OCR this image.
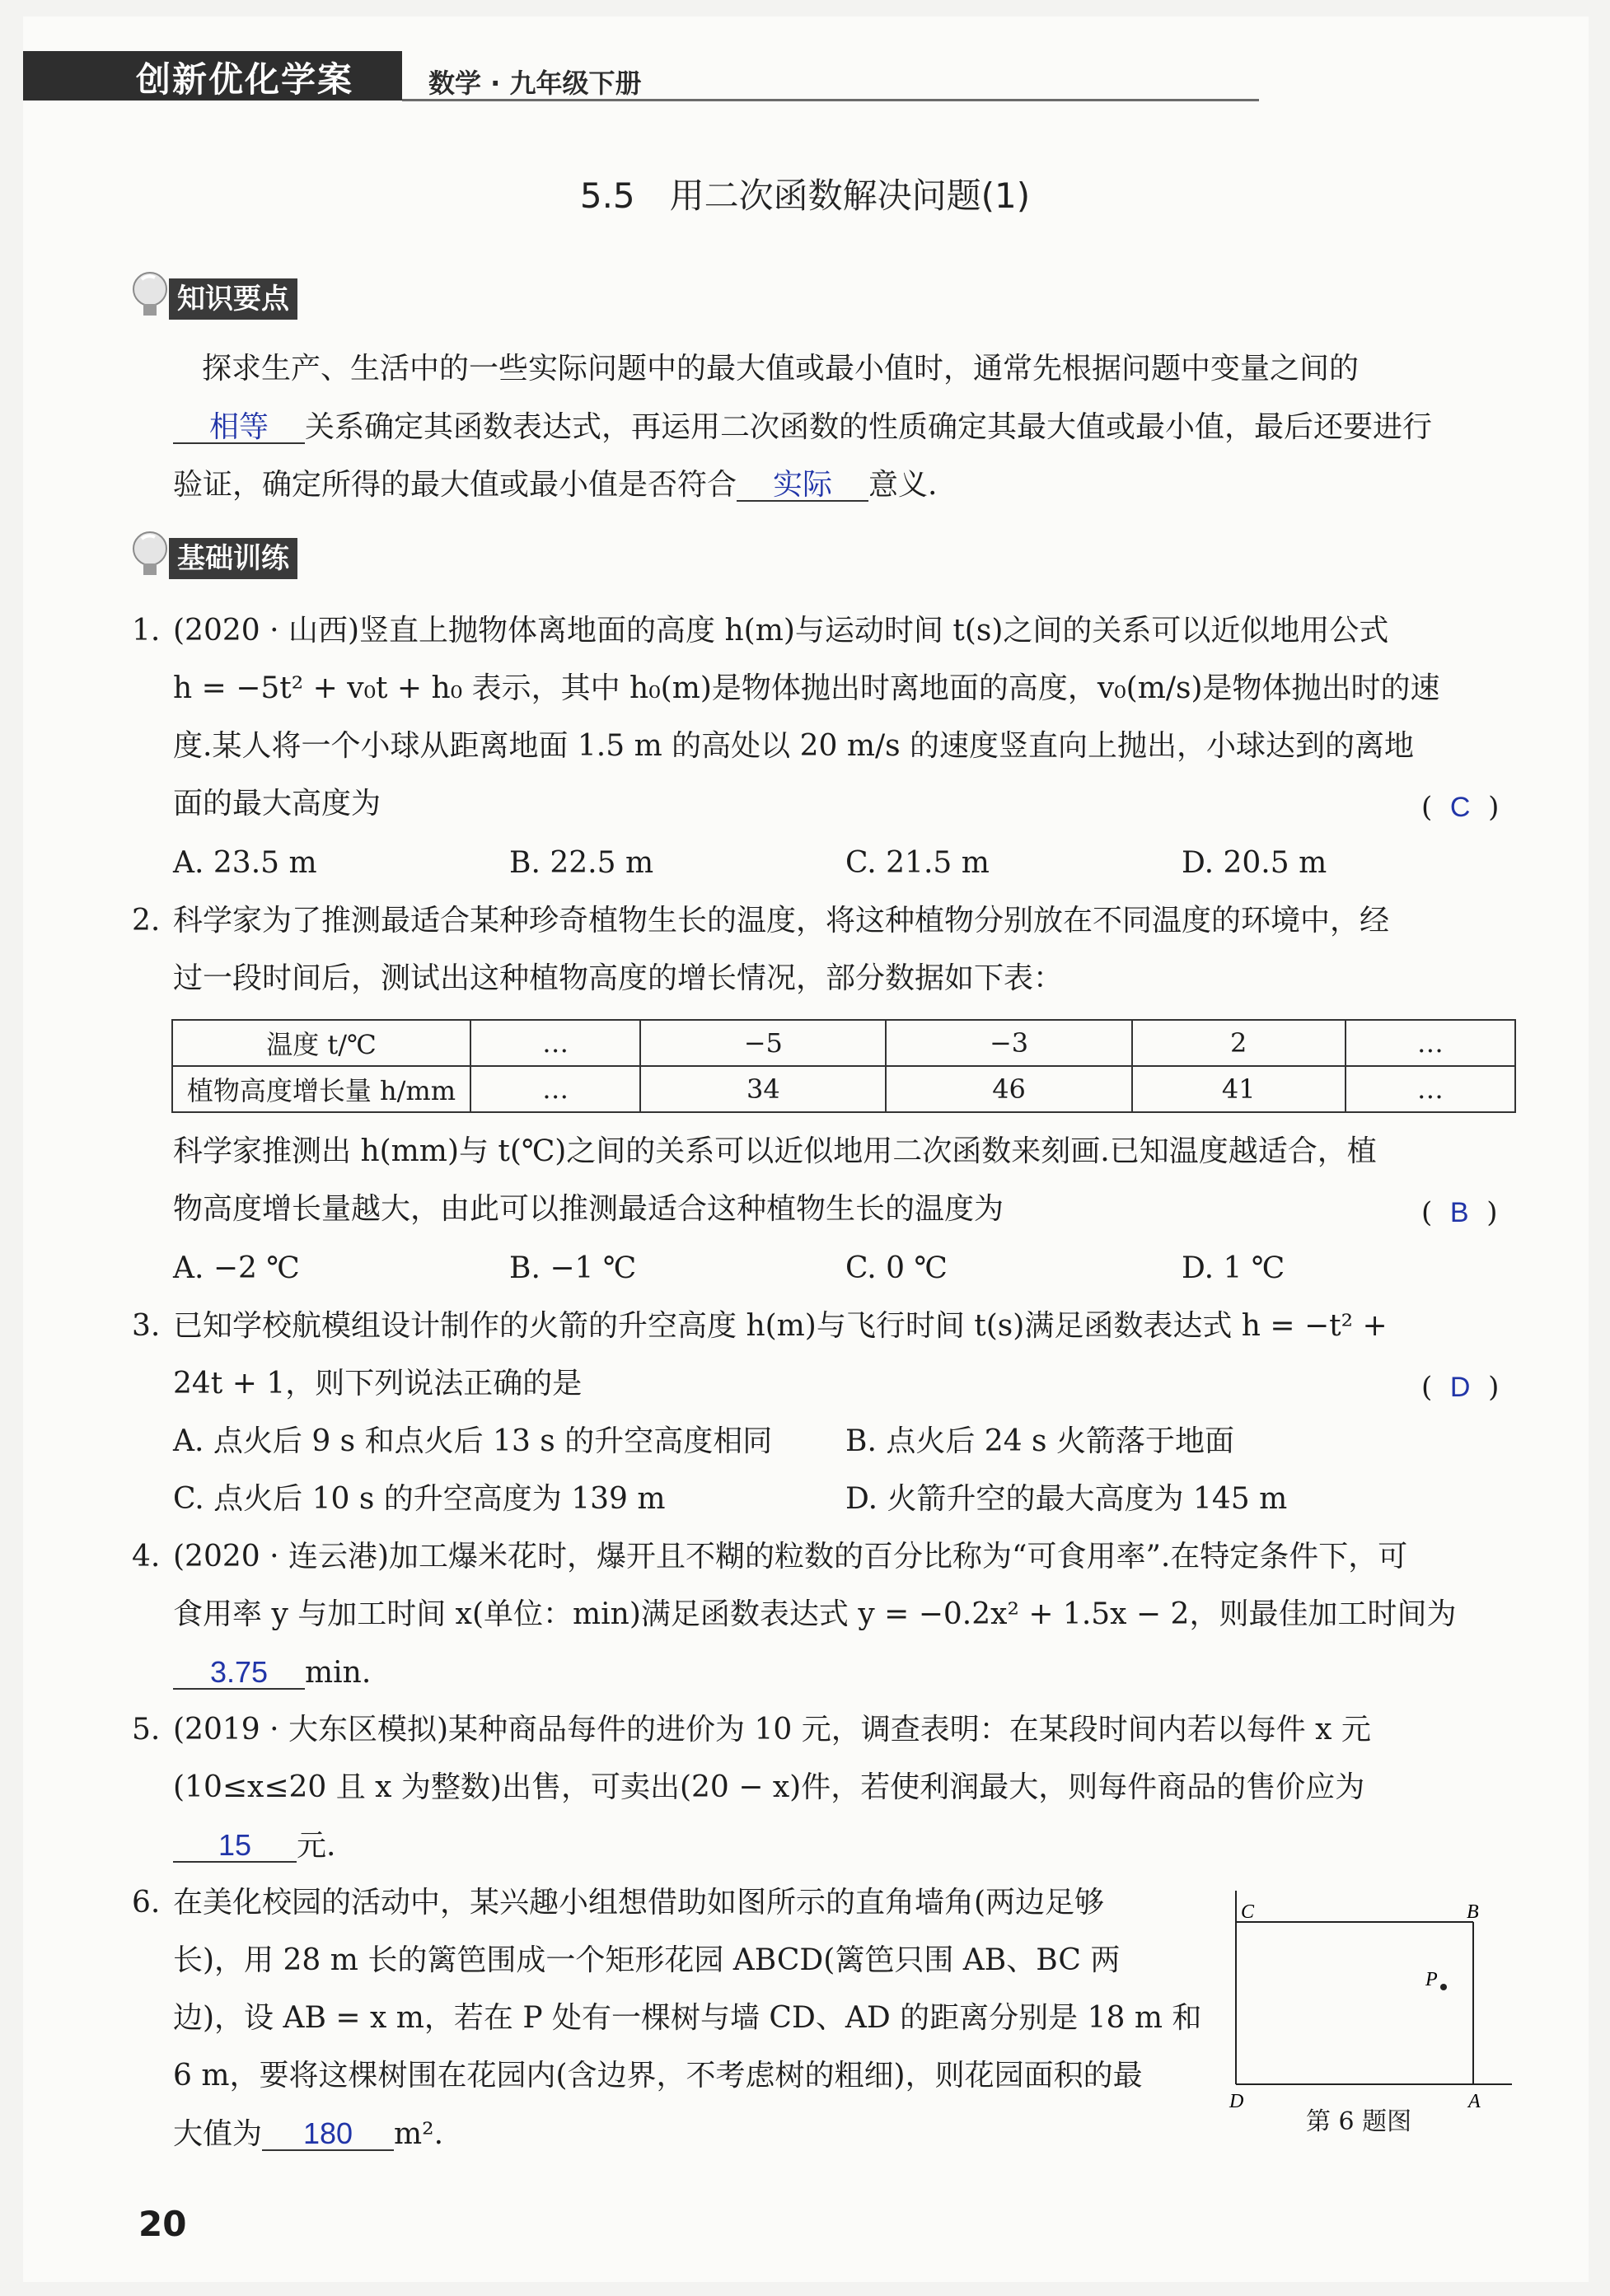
创新优化学案	数学 · 九年级下册
5.5　用二次函数解决问题(1)
知识要点
探求生产、生活中的一些实际问题中的最大值或最小值时，通常先根据问题中变量之间的
相等 关系确定其函数表达式，再运用二次函数的性质确定其最大值或最小值，最后还要进行
验证，确定所得的最大值或最小值是否符合 实际 意义.
基础训练
1. (2020 · 山西)竖直上抛物体离地面的高度 h(m)与运动时间 t(s)之间的关系可以近似地用公式
h = −5t² + v₀t + h₀ 表示，其中 h₀(m)是物体抛出时离地面的高度，v₀(m/s)是物体抛出时的速
度.某人将一个小球从距离地面 1.5 m 的高处以 20 m/s 的速度竖直向上抛出，小球达到的离地
面的最大高度为	(  C  )
A. 23.5 m	B. 22.5 m	C. 21.5 m	D. 20.5 m
2. 科学家为了推测最适合某种珍奇植物生长的温度，将这种植物分别放在不同温度的环境中，经
过一段时间后，测试出这种植物高度的增长情况，部分数据如下表：
温度 t/℃	…	−5	−3	2	…
植物高度增长量 h/mm	…	34	46	41	…
科学家推测出 h(mm)与 t(℃)之间的关系可以近似地用二次函数来刻画.已知温度越适合，植
物高度增长量越大，由此可以推测最适合这种植物生长的温度为	(  B  )
A. −2 ℃	B. −1 ℃	C. 0 ℃	D. 1 ℃
3. 已知学校航模组设计制作的火箭的升空高度 h(m)与飞行时间 t(s)满足函数表达式 h = −t² +
24t + 1，则下列说法正确的是	(  D  )
A. 点火后 9 s 和点火后 13 s 的升空高度相同 B. 点火后 24 s 火箭落于地面
C. 点火后 10 s 的升空高度为 139 m	D. 火箭升空的最大高度为 145 m
4. (2020 · 连云港)加工爆米花时，爆开且不糊的粒数的百分比称为“可食用率”.在特定条件下，可
食用率 y 与加工时间 x(单位：min)满足函数表达式 y = −0.2x² + 1.5x − 2，则最佳加工时间为
3.75 min.
5. (2019 · 大东区模拟)某种商品每件的进价为 10 元，调查表明：在某段时间内若以每件 x 元
(10≤x≤20 且 x 为整数)出售，可卖出(20 − x)件，若使利润最大，则每件商品的售价应为
15 元.
6. 在美化校园的活动中，某兴趣小组想借助如图所示的直角墙角(两边足够
长)，用 28 m 长的篱笆围成一个矩形花园 ABCD(篱笆只围 AB、BC 两
边)，设 AB = x m，若在 P 处有一棵树与墙 CD、AD 的距离分别是 18 m 和
6 m，要将这棵树围在花园内(含边界，不考虑树的粗细)，则花园面积的最
大值为 180 m².
C	B
P
D	A
第 6 题图
20
